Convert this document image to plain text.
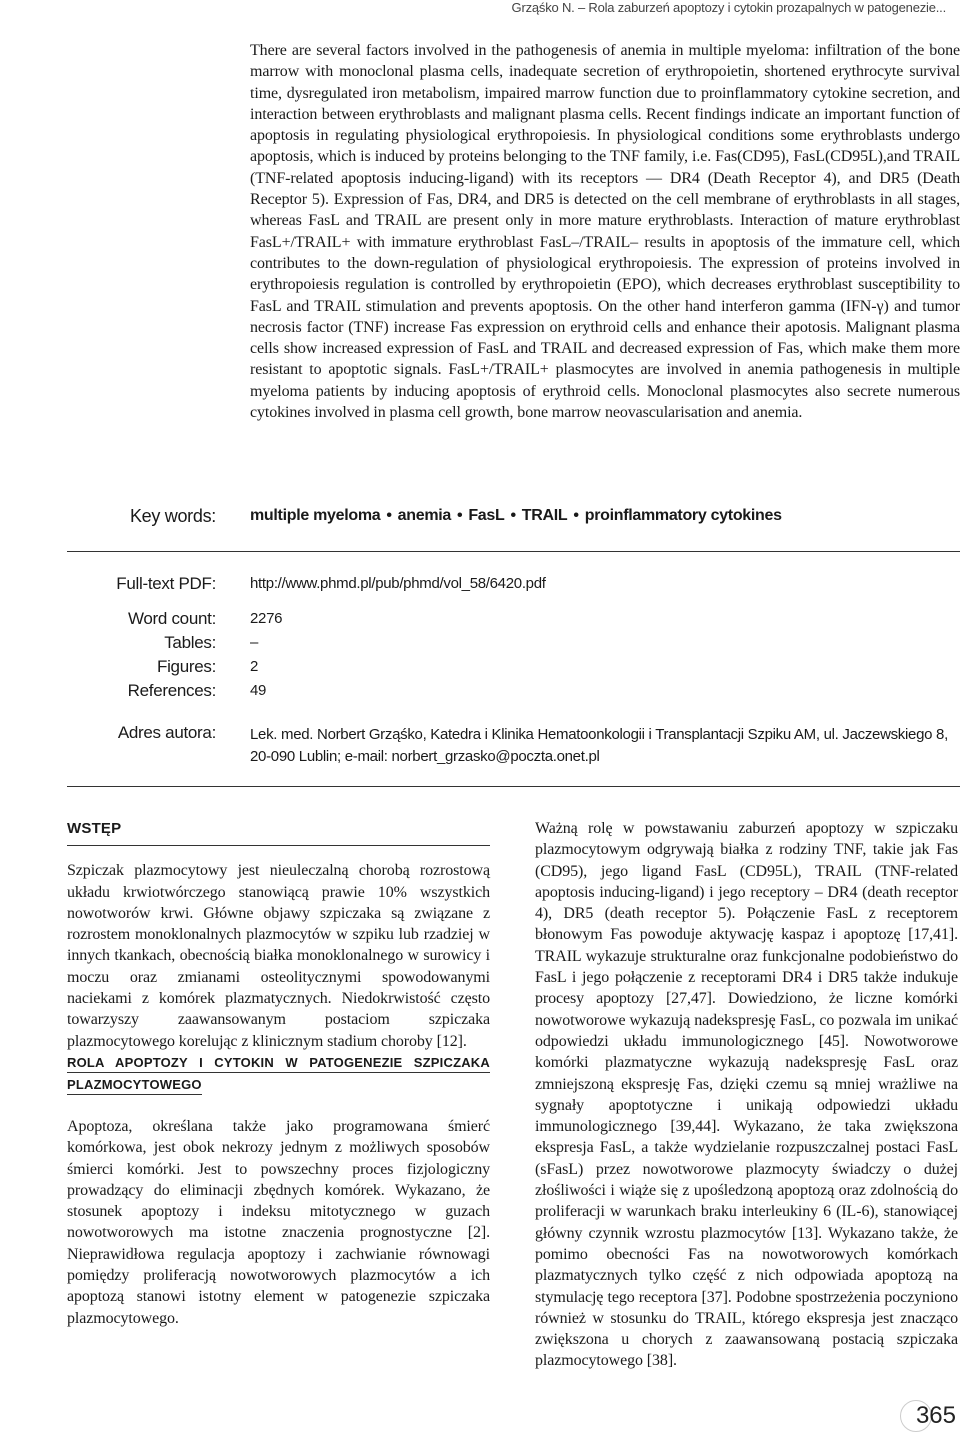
Grząśko N. – Rola zaburzeń apoptozy i cytokin prozapalnych w patogenezie...

There are several factors involved in the pathogenesis of anemia in multiple myeloma: infiltration of the bone marrow with monoclonal plasma cells, inadequate secretion of erythropoietin, shortened erythrocyte survival time, dysregulated iron metabolism, impaired marrow function due to proinflammatory cytokine secretion, and interaction between erythroblasts and malignant plasma cells. Recent findings indicate an important function of apoptosis in regulating physiological erythropoiesis. In physiological conditions some erythroblasts undergo apoptosis, which is induced by proteins belonging to the TNF family, i.e. Fas(CD95), FasL(CD95L),and TRAIL (TNF-related apoptosis inducing-ligand) with its receptors — DR4 (Death Receptor 4), and DR5 (Death Receptor 5). Expression of Fas, DR4, and DR5 is detected on the cell membrane of erythroblasts in all stages, whereas FasL and TRAIL are present only in more mature erythroblasts. Interaction of mature erythroblast FasL+/TRAIL+ with immature erythroblast FasL–/TRAIL– results in apoptosis of the immature cell, which contributes to the down-regulation of physiological erythropoiesis. The expression of proteins involved in erythropoiesis regulation is controlled by erythropoietin (EPO), which decreases erythroblast susceptibility to FasL and TRAIL stimulation and prevents apoptosis. On the other hand interferon gamma (IFN-γ) and tumor necrosis factor (TNF) increase Fas expression on erythroid cells and enhance their apotosis. Malignant plasma cells show increased expression of FasL and TRAIL and decreased expression of Fas, which make them more resistant to apoptotic signals. FasL+/TRAIL+ plasmocytes are involved in anemia pathogenesis in multiple myeloma patients by inducing apoptosis of erythroid cells. Monoclonal plasmocytes also secrete numerous cytokines involved in plasma cell growth, bone marrow neovascularisation and anemia.

Key words: multiple myeloma • anemia • FasL • TRAIL • proinflammatory cytokines
Full-text PDF: http://www.phmd.pl/pub/phmd/vol_58/6420.pdf
Word count: 2276
Tables: –
Figures: 2
References: 49
Adres autora: Lek. med. Norbert Grząśko, Katedra i Klinika Hematoonkologii i Transplantacji Szpiku AM, ul. Jaczewskiego 8,
20-090 Lublin; e-mail: norbert_grzasko@poczta.onet.pl
WSTĘP

Szpiczak plazmocytowy jest nieuleczalną chorobą rozrostową układu krwiotwórczego stanowiącą prawie 10% wszystkich nowotworów krwi. Główne objawy szpiczaka są związane z rozrostem monoklonalnych plazmocytów w szpiku lub rzadziej w innych tkankach, obecnością białka monoklonalnego w surowicy i moczu oraz zmianami osteolitycznymi spowodowanymi naciekami z komórek plazmatycznych. Niedokrwistość często towarzyszy zaawansowanym postaciom szpiczaka plazmocytowego korelując z klinicznym stadium choroby [12].

ROLA APOPTOZY I CYTOKIN W PATOGENEZIE SZPICZAKA PLAZMOCYTOWEGO

Apoptoza, określana także jako programowana śmierć komórkowa, jest obok nekrozy jednym z możliwych sposobów śmierci komórki. Jest to powszechny proces fizjologiczny prowadzący do eliminacji zbędnych komórek. Wykazano, że stosunek apoptozy i indeksu mitotycznego w guzach nowotworowych ma istotne znaczenia prognostyczne [2]. Nieprawidłowa regulacja apoptozy i zachwianie równowagi pomiędzy proliferacją nowotworowych plazmocytów a ich apoptozą stanowi istotny element w patogenezie szpiczaka plazmocytowego.

Ważną rolę w powstawaniu zaburzeń apoptozy w szpiczaku plazmocytowym odgrywają białka z rodziny TNF, takie jak Fas (CD95), jego ligand FasL (CD95L), TRAIL (TNF-related apoptosis inducing-ligand) i jego receptory – DR4 (death receptor 4), DR5 (death receptor 5). Połączenie FasL z receptorem błonowym Fas powoduje aktywację kaspaz i apoptozę [17,41]. TRAIL wykazuje strukturalne oraz funkcjonalne podobieństwo do FasL i jego połączenie z receptorami DR4 i DR5 także indukuje procesy apoptozy [27,47]. Dowiedziono, że liczne komórki nowotworowe wykazują nadekspresję FasL, co pozwala im unikać odpowiedzi układu immunologicznego [45]. Nowotworowe komórki plazmatyczne wykazują nadekspresję FasL oraz zmniejszoną ekspresję Fas, dzięki czemu są mniej wrażliwe na sygnały apoptotyczne i unikają odpowiedzi układu immunologicznego [39,44]. Wykazano, że taka zwiększona ekspresja FasL, a także wydzielanie rozpuszczalnej postaci FasL (sFasL) przez nowotworowe plazmocyty świadczy o dużej złośliwości i wiąże się z upośledzoną apoptozą oraz zdolnością do proliferacji w warunkach braku interleukiny 6 (IL-6), stanowiącej główny czynnik wzrostu plazmocytów [13]. Wykazano także, że pomimo obecności Fas na nowotworowych komórkach plazmatycznych tylko część z nich odpowiada apoptozą na stymulację tego receptora [37]. Podobne spostrzeżenia poczyniono również w stosunku do TRAIL, którego ekspresja jest znacząco zwiększona u chorych z zaawansowaną postacią szpiczaka plazmocytowego [38].

365
